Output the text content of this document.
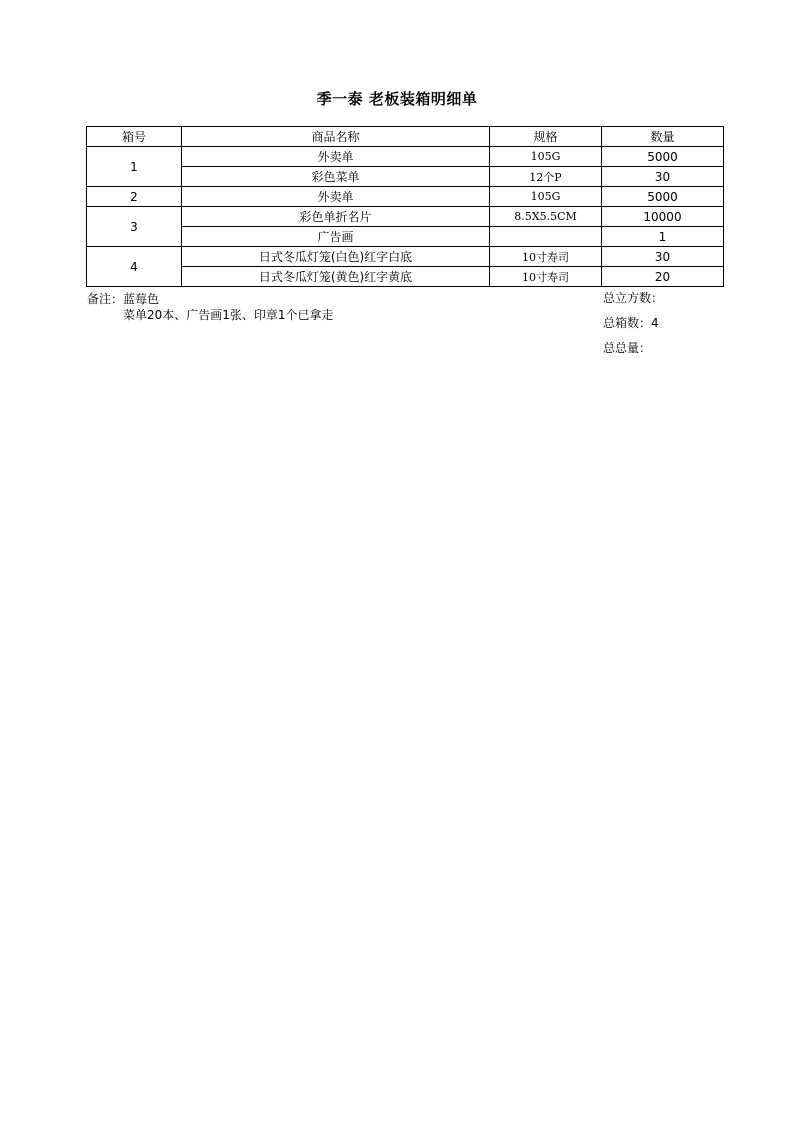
季一泰 老板装箱明细单
箱号	商品名称	规格	数量
1	外卖单	105G	5000
	彩色菜单	12个P	30
2	外卖单	105G	5000
3	彩色单折名片	8.5X5.5CM	10000
	广告画		1
4	日式冬瓜灯笼(白色)红字白底	10寸寿司	30
	日式冬瓜灯笼(黄色)红字黄底	10寸寿司	20
备注：蓝莓色
菜单20本、广告画1张、印章1个已拿走
总立方数：
总箱数：4
总总量：
